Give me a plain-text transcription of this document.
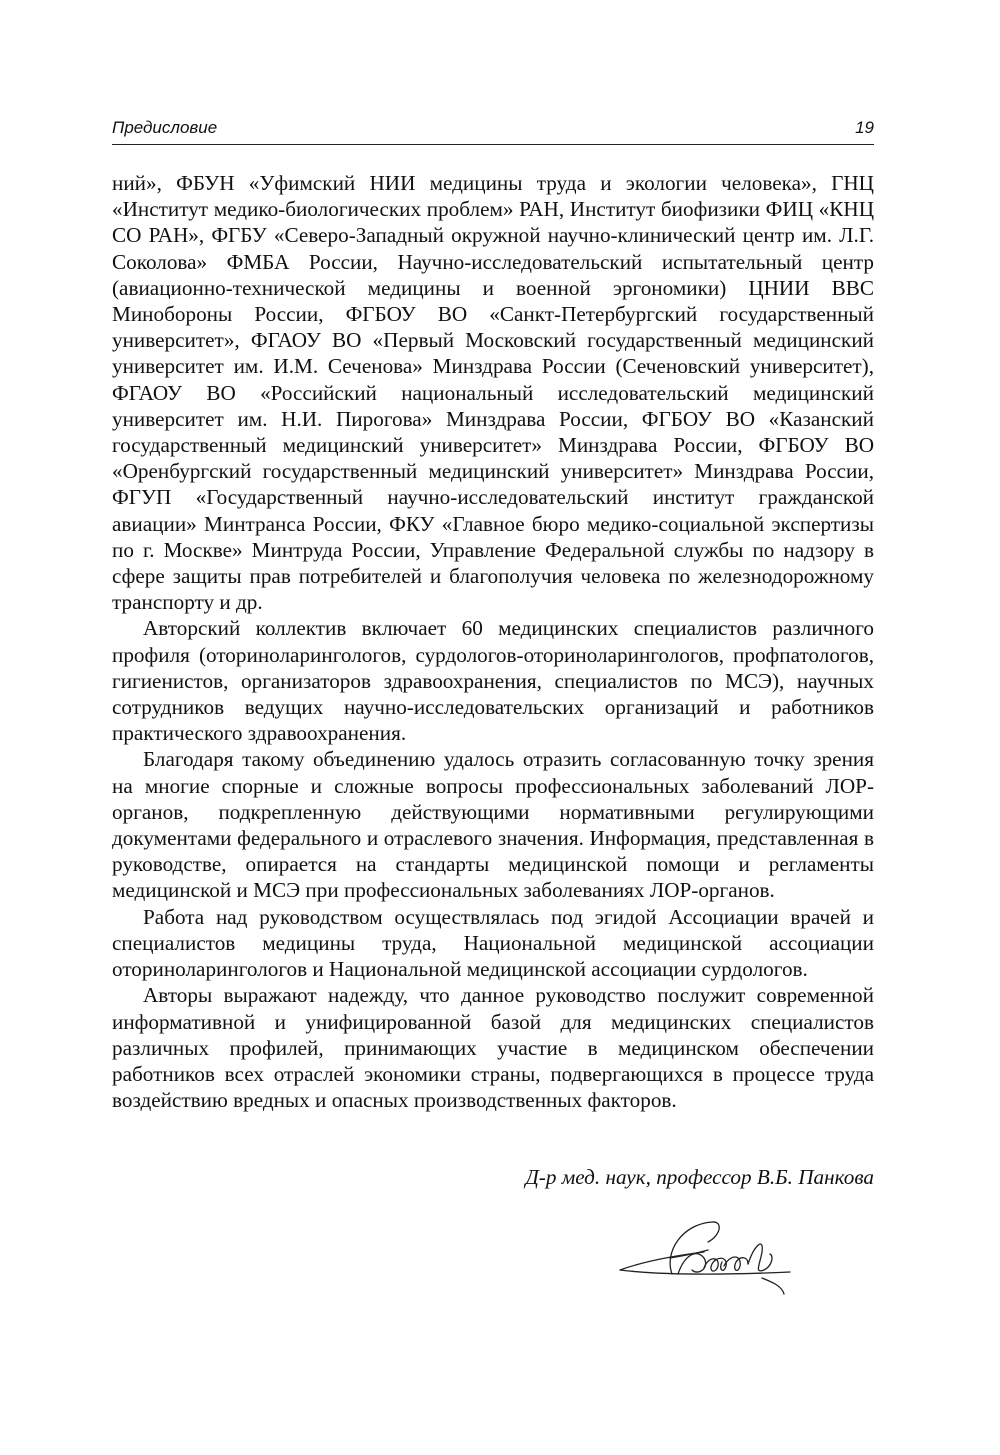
Предисловие	19

ний», ФБУН «Уфимский НИИ медицины труда и экологии человека», ГНЦ «Институт медико-биологических проблем» РАН, Институт биофизики ФИЦ «КНЦ СО РАН», ФГБУ «Северо-Западный окружной научно-клинический центр им. Л.Г. Соколова» ФМБА России, Научно-исследовательский испытательный центр (авиационно-технической медицины и военной эргономики) ЦНИИ ВВС Минобороны России, ФГБОУ ВО «Санкт-Петербургский государственный университет», ФГАОУ ВО «Первый Московский государственный медицинский университет им. И.М. Сеченова» Минздрава России (Сеченовский университет), ФГАОУ ВО «Российский национальный исследовательский медицинский университет им. Н.И. Пирогова» Минздрава России, ФГБОУ ВО «Казанский государственный медицинский университет» Минздрава России, ФГБОУ ВО «Оренбургский государственный медицинский университет» Минздрава России, ФГУП «Государственный научно-исследовательский институт гражданской авиации» Минтранса России, ФКУ «Главное бюро медико-социальной экспертизы по г. Москве» Минтруда России, Управление Федеральной службы по надзору в сфере защиты прав потребителей и благополучия человека по железнодорожному транспорту и др.

Авторский коллектив включает 60 медицинских специалистов различного профиля (оториноларингологов, сурдологов-оториноларингологов, профпатологов, гигиенистов, организаторов здравоохранения, специалистов по МСЭ), научных сотрудников ведущих научно-исследовательских организаций и работников практического здравоохранения.

Благодаря такому объединению удалось отразить согласованную точку зрения на многие спорные и сложные вопросы профессиональных заболеваний ЛОР-органов, подкрепленную действующими нормативными регулирующими документами федерального и отраслевого значения. Информация, представленная в руководстве, опирается на стандарты медицинской помощи и регламенты медицинской и МСЭ при профессиональных заболеваниях ЛОР-органов.

Работа над руководством осуществлялась под эгидой Ассоциации врачей и специалистов медицины труда, Национальной медицинской ассоциации оториноларингологов и Национальной медицинской ассоциации сурдологов.

Авторы выражают надежду, что данное руководство послужит современной информативной и унифицированной базой для медицинских специалистов различных профилей, принимающих участие в медицинском обеспечении работников всех отраслей экономики страны, подвергающихся в процессе труда воздействию вредных и опасных производственных факторов.

Д-р мед. наук, профессор В.Б. Панкова
